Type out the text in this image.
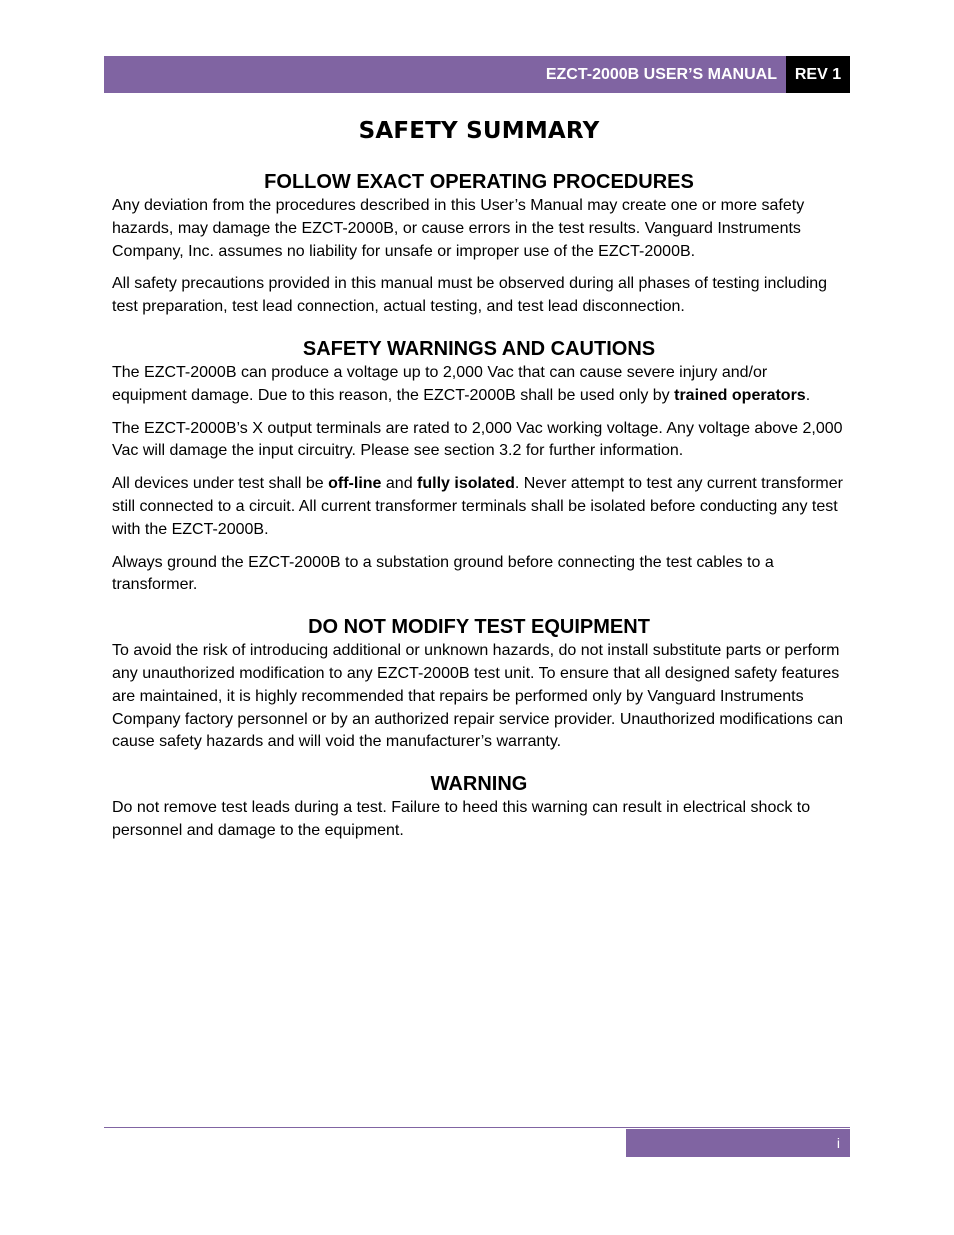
EZCT-2000B USER’S MANUAL	REV 1
SAFETY SUMMARY
FOLLOW EXACT OPERATING PROCEDURES

Any deviation from the procedures described in this User’s Manual may create one or more safety hazards, may damage the EZCT-2000B, or cause errors in the test results. Vanguard Instruments Company, Inc. assumes no liability for unsafe or improper use of the EZCT-2000B.

All safety precautions provided in this manual must be observed during all phases of testing including test preparation, test lead connection, actual testing, and test lead disconnection.

SAFETY WARNINGS AND CAUTIONS

The EZCT-2000B can produce a voltage up to 2,000 Vac that can cause severe injury and/or equipment damage. Due to this reason, the EZCT-2000B shall be used only by trained operators.

The EZCT-2000B’s X output terminals are rated to 2,000 Vac working voltage. Any voltage above 2,000 Vac will damage the input circuitry. Please see section 3.2 for further information.

All devices under test shall be off-line and fully isolated. Never attempt to test any current transformer still connected to a circuit. All current transformer terminals shall be isolated before conducting any test with the EZCT-2000B.

Always ground the EZCT-2000B to a substation ground before connecting the test cables to a transformer.

DO NOT MODIFY TEST EQUIPMENT

To avoid the risk of introducing additional or unknown hazards, do not install substitute parts or perform any unauthorized modification to any EZCT-2000B test unit. To ensure that all designed safety features are maintained, it is highly recommended that repairs be performed only by Vanguard Instruments Company factory personnel or by an authorized repair service provider. Unauthorized modifications can cause safety hazards and will void the manufacturer’s warranty.

WARNING

Do not remove test leads during a test. Failure to heed this warning can result in electrical shock to personnel and damage to the equipment.

i
